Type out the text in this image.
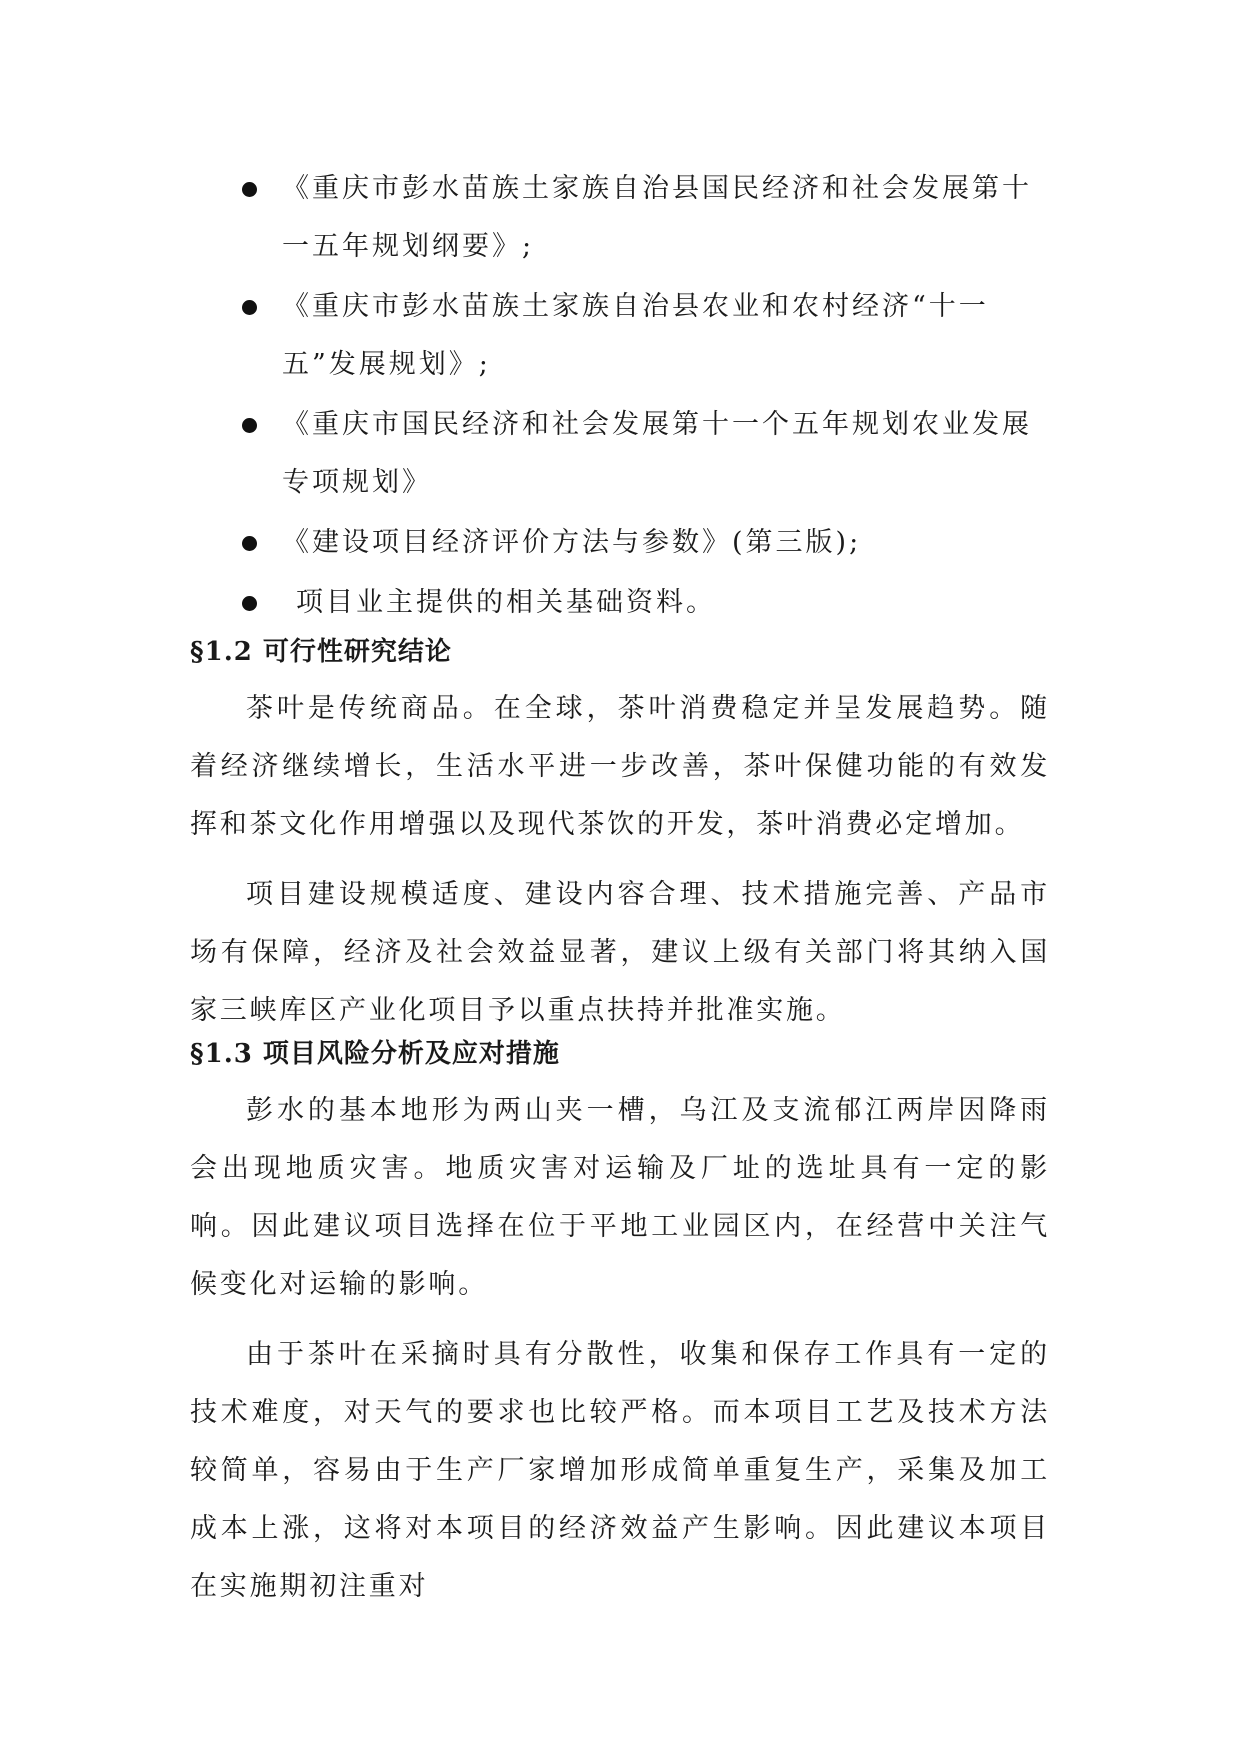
《重庆市彭水苗族土家族自治县国民经济和社会发展第十一五年规划纲要》;
《重庆市彭水苗族土家族自治县农业和农村经济“十一五”发展规划》;
《重庆市国民经济和社会发展第十一个五年规划农业发展专项规划》
《建设项目经济评价方法与参数》(第三版);
项目业主提供的相关基础资料。
§1.2 可行性研究结论

茶叶是传统商品。在全球，茶叶消费稳定并呈发展趋势。随着经济继续增长，生活水平进一步改善，茶叶保健功能的有效发挥和茶文化作用增强以及现代茶饮的开发，茶叶消费必定增加。

项目建设规模适度、建设内容合理、技术措施完善、产品市场有保障，经济及社会效益显著，建议上级有关部门将其纳入国家三峡库区产业化项目予以重点扶持并批准实施。

§1.3 项目风险分析及应对措施

彭水的基本地形为两山夹一槽，乌江及支流郁江两岸因降雨会出现地质灾害。地质灾害对运输及厂址的选址具有一定的影响。因此建议项目选择在位于平地工业园区内，在经营中关注气候变化对运输的影响。

由于茶叶在采摘时具有分散性，收集和保存工作具有一定的技术难度，对天气的要求也比较严格。而本项目工艺及技术方法较简单，容易由于生产厂家增加形成简单重复生产，采集及加工成本上涨，这将对本项目的经济效益产生影响。因此建议本项目在实施期初注重对
